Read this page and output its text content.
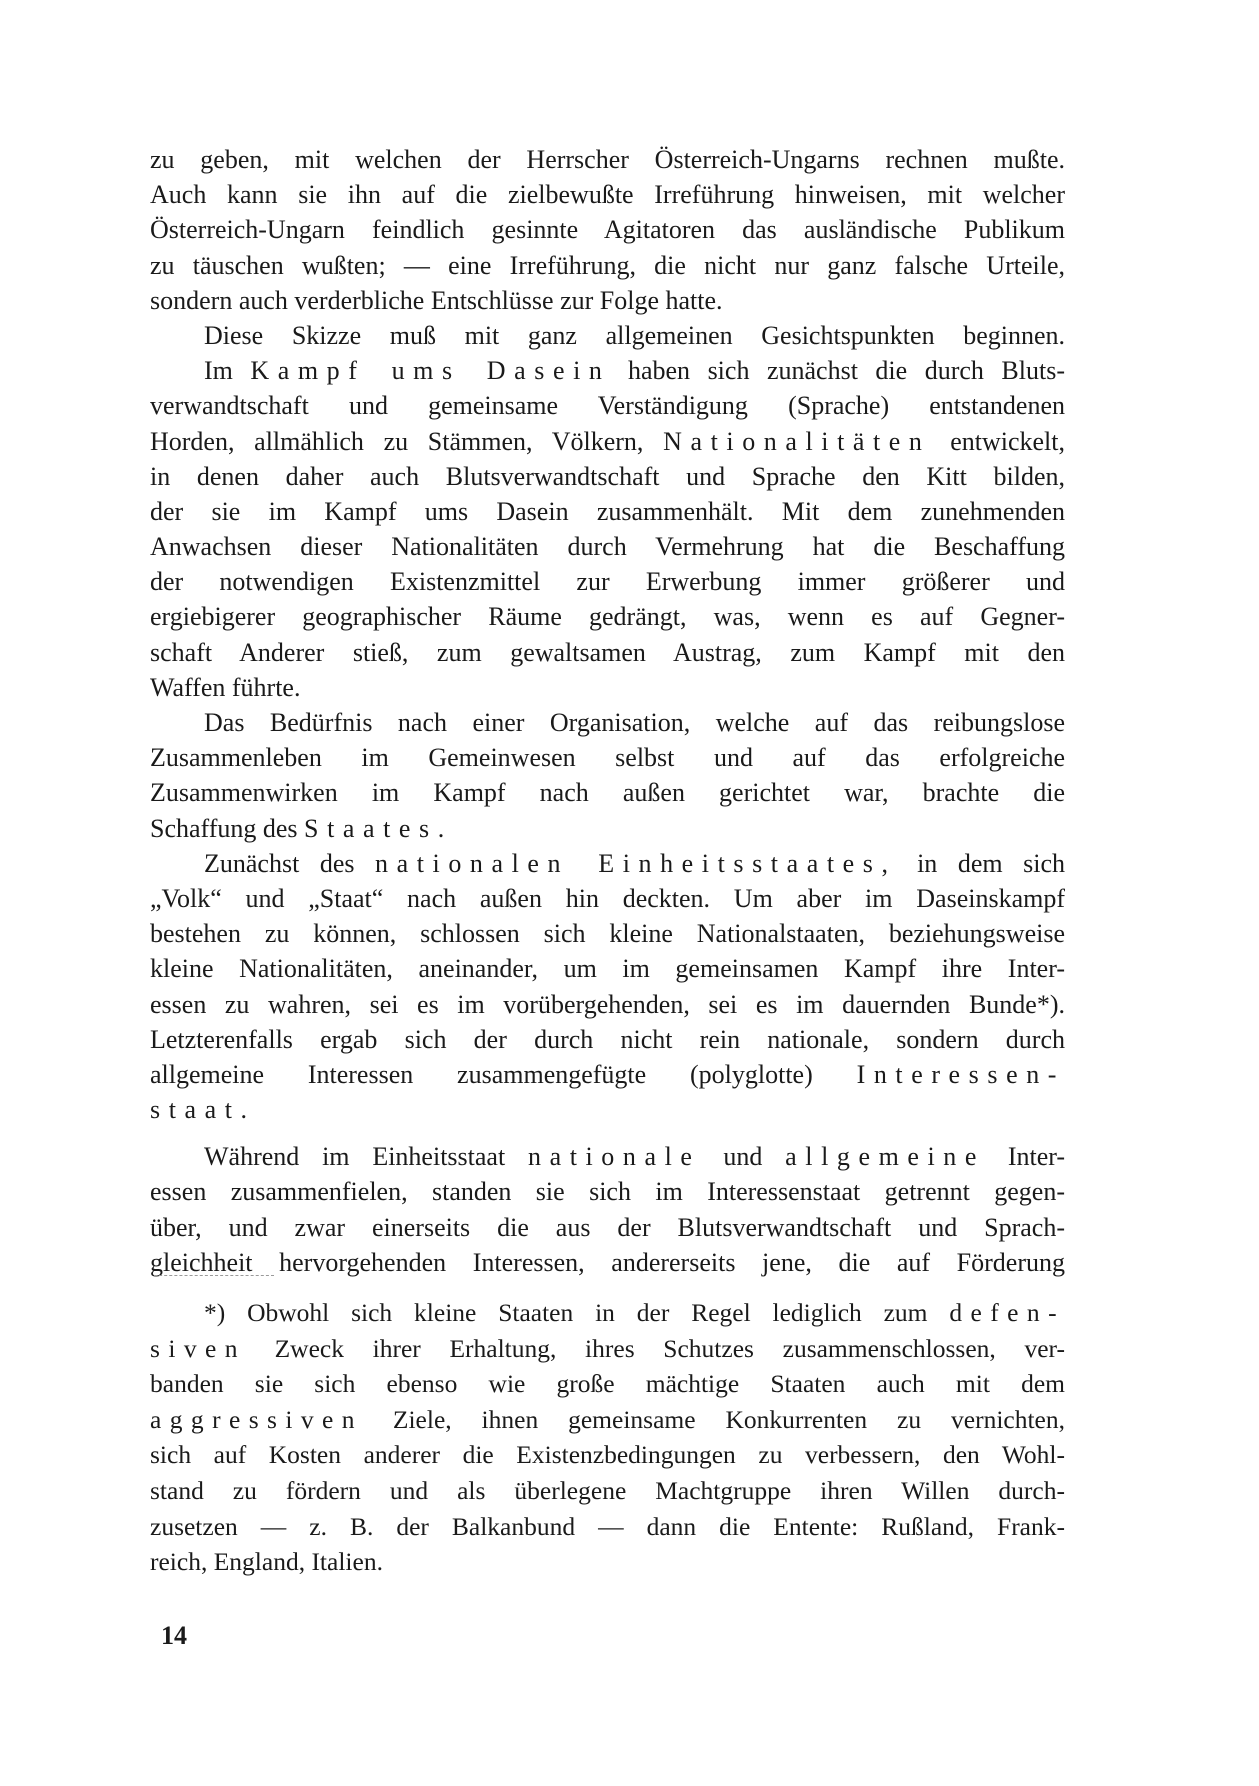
zu geben, mit welchen der Herrscher Österreich-Ungarns rechnen mußte.
Auch kann sie ihn auf die zielbewußte Irreführung hinweisen, mit welcher
Österreich-Ungarn feindlich gesinnte Agitatoren das ausländische Publikum
zu täuschen wußten; — eine Irreführung, die nicht nur ganz falsche Urteile,
sondern auch verderbliche Entschlüsse zur Folge hatte.
Diese Skizze muß mit ganz allgemeinen Gesichtspunkten beginnen.
Im Kampf ums Dasein haben sich zunächst die durch Bluts-
verwandtschaft und gemeinsame Verständigung (Sprache) entstandenen
Horden, allmählich zu Stämmen, Völkern, Nationalitäten entwickelt,
in denen daher auch Blutsverwandtschaft und Sprache den Kitt bilden,
der sie im Kampf ums Dasein zusammenhält. Mit dem zunehmenden
Anwachsen dieser Nationalitäten durch Vermehrung hat die Beschaffung
der notwendigen Existenzmittel zur Erwerbung immer größerer und
ergiebigerer geographischer Räume gedrängt, was, wenn es auf Gegner-
schaft Anderer stieß, zum gewaltsamen Austrag, zum Kampf mit den
Waffen führte.
Das Bedürfnis nach einer Organisation, welche auf das reibungslose
Zusammenleben im Gemeinwesen selbst und auf das erfolgreiche
Zusammenwirken im Kampf nach außen gerichtet war, brachte die
Schaffung des Staates.
Zunächst des nationalen Einheitsstaates, in dem sich
„Volk“ und „Staat“ nach außen hin deckten. Um aber im Daseinskampf
bestehen zu können, schlossen sich kleine Nationalstaaten, beziehungsweise
kleine Nationalitäten, aneinander, um im gemeinsamen Kampf ihre Inter-
essen zu wahren, sei es im vorübergehenden, sei es im dauernden Bunde*).
Letzterenfalls ergab sich der durch nicht rein nationale, sondern durch
allgemeine Interessen zusammengefügte (polyglotte) Interessen-
staat.
Während im Einheitsstaat nationale und allgemeine Inter-
essen zusammenfielen, standen sie sich im Interessenstaat getrennt gegen-
über, und zwar einerseits die aus der Blutsverwandtschaft und Sprach-
gleichheit hervorgehenden Interessen, andererseits jene, die auf Förderung
*) Obwohl sich kleine Staaten in der Regel lediglich zum defen-
siven Zweck ihrer Erhaltung, ihres Schutzes zusammenschlossen, ver-
banden sie sich ebenso wie große mächtige Staaten auch mit dem
aggressiven Ziele, ihnen gemeinsame Konkurrenten zu vernichten,
sich auf Kosten anderer die Existenzbedingungen zu verbessern, den Wohl-
stand zu fördern und als überlegene Machtgruppe ihren Willen durch-
zusetzen — z. B. der Balkanbund — dann die Entente: Rußland, Frank-
reich, England, Italien.
14
